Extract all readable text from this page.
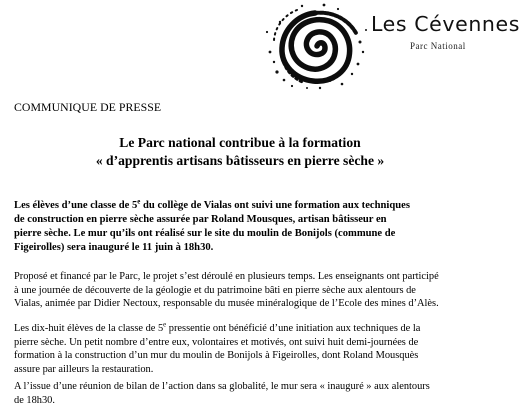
Les Cévennes
Parc National
COMMUNIQUE DE PRESSE
Le Parc national contribue à la formation
« d’apprentis artisans bâtisseurs en pierre sèche »
Les élèves d’une classe de 5e du collège de Vialas ont suivi une formation aux techniques
de construction en pierre sèche assurée par Roland Mousques, artisan bâtisseur en
pierre sèche. Le mur qu’ils ont réalisé sur le site du moulin de Bonijols (commune de
Figeirolles) sera inauguré le 11 juin à 18h30.
Proposé et financé par le Parc, le projet s’est déroulé en plusieurs temps. Les enseignants ont participé
à une journée de découverte de la géologie et du patrimoine bâti en pierre sèche aux alentours de
Vialas, animée par Didier Nectoux, responsable du musée minéralogique de l’Ecole des mines d’Alès.
Les dix-huit élèves de la classe de 5e pressentie ont bénéficié d’une initiation aux techniques de la
pierre sèche. Un petit nombre d’entre eux, volontaires et motivés, ont suivi huit demi-journées de
formation à la construction d’un mur du moulin de Bonijols à Figeirolles, dont Roland Mousquès
assure par ailleurs la restauration.
A l’issue d’une réunion de bilan de l’action dans sa globalité, le mur sera « inauguré » aux alentours
de 18h30.
